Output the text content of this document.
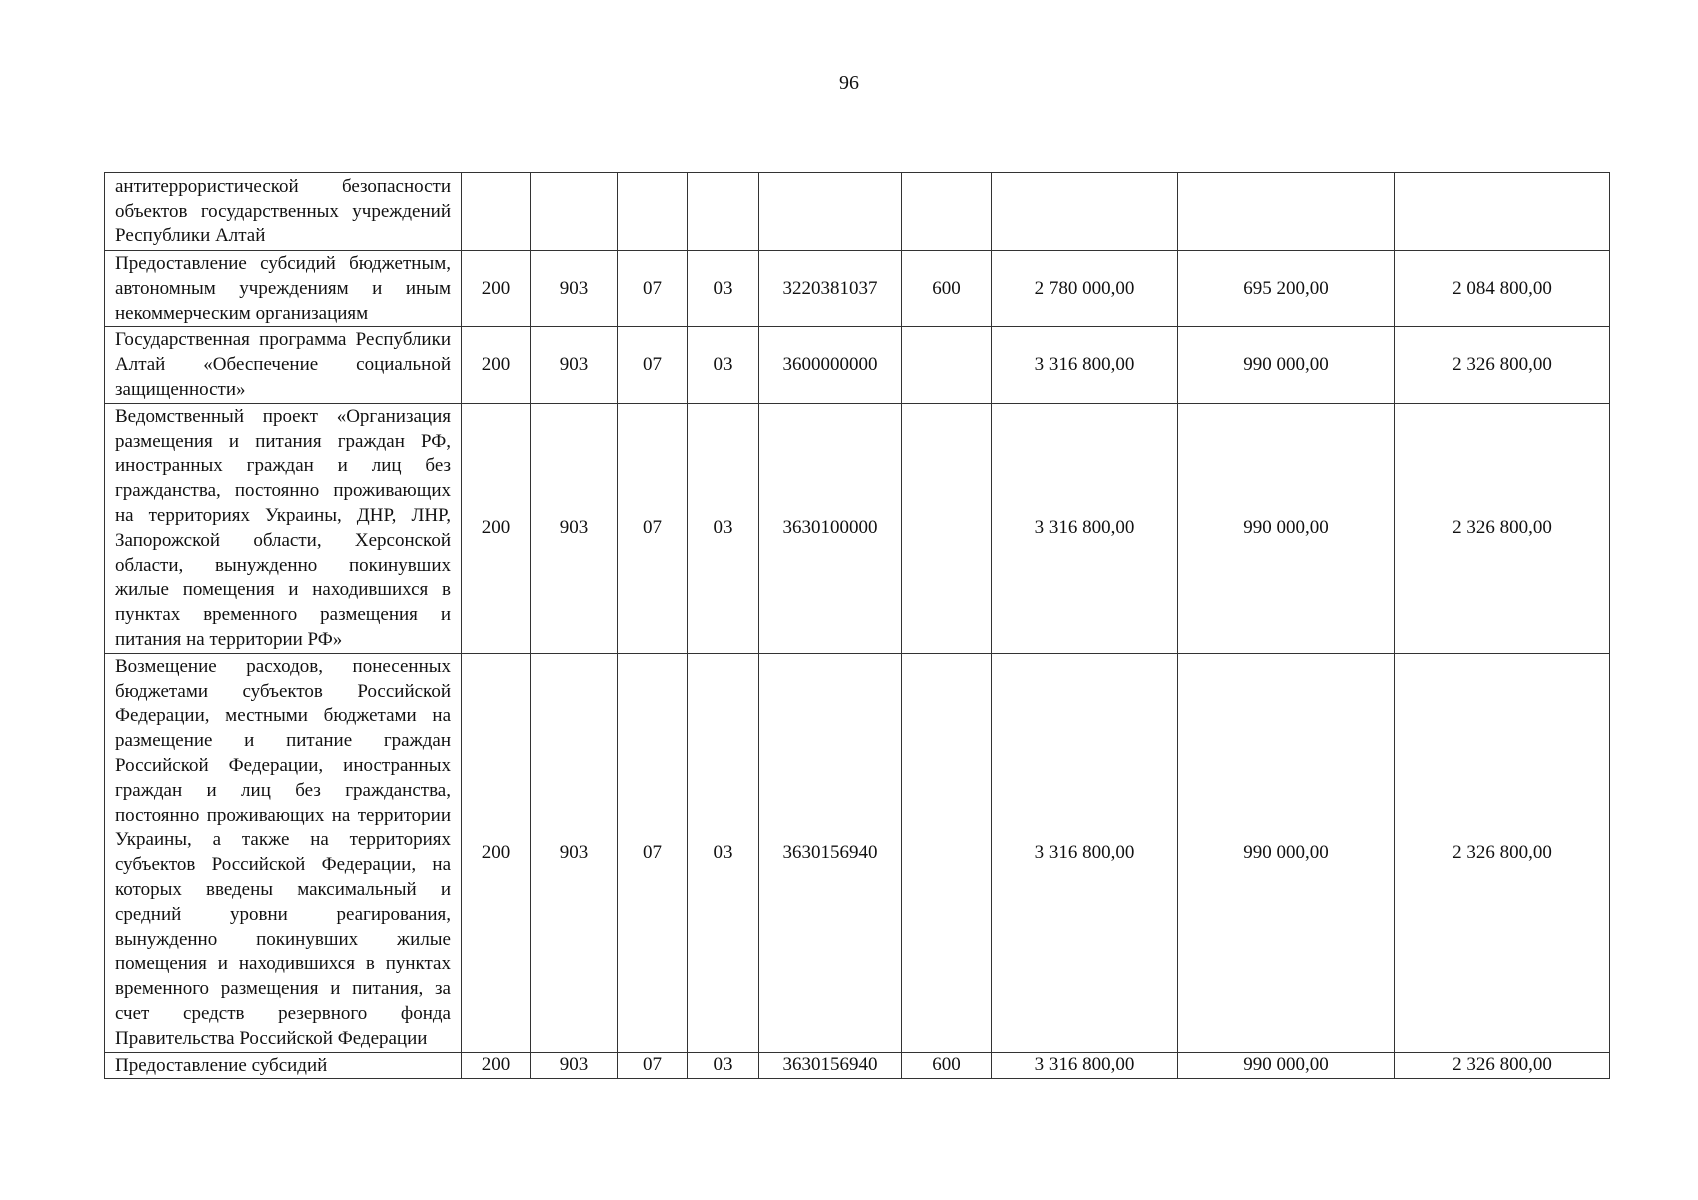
96
антитеррористической безопасности объектов государственных учреждений Республики Алтай									
Предоставление субсидий бюджетным, автономным учреждениям и иным некоммерческим организациям	200	903	07	03	3220381037	600	2 780 000,00	695 200,00	2 084 800,00
Государственная программа Республики Алтай «Обеспечение социальной защищенности»	200	903	07	03	3600000000		3 316 800,00	990 000,00	2 326 800,00
Ведомственный проект «Организация размещения и питания граждан РФ, иностранных граждан и лиц без гражданства, постоянно проживающих на территориях Украины, ДНР, ЛНР, Запорожской области, Херсонской области, вынужденно покинувших жилые помещения и находившихся в пунктах временного размещения и питания на территории РФ»	200	903	07	03	3630100000		3 316 800,00	990 000,00	2 326 800,00
Возмещение расходов, понесенных бюджетами субъектов Российской Федерации, местными бюджетами на размещение и питание граждан Российской Федерации, иностранных граждан и лиц без гражданства, постоянно проживающих на территории Украины, а также на территориях субъектов Российской Федерации, на которых введены максимальный и средний уровни реагирования, вынужденно покинувших жилые помещения и находившихся в пунктах временного размещения и питания, за счет средств резервного фонда Правительства Российской Федерации	200	903	07	03	3630156940		3 316 800,00	990 000,00	2 326 800,00
Предоставление субсидий	200	903	07	03	3630156940	600	3 316 800,00	990 000,00	2 326 800,00
